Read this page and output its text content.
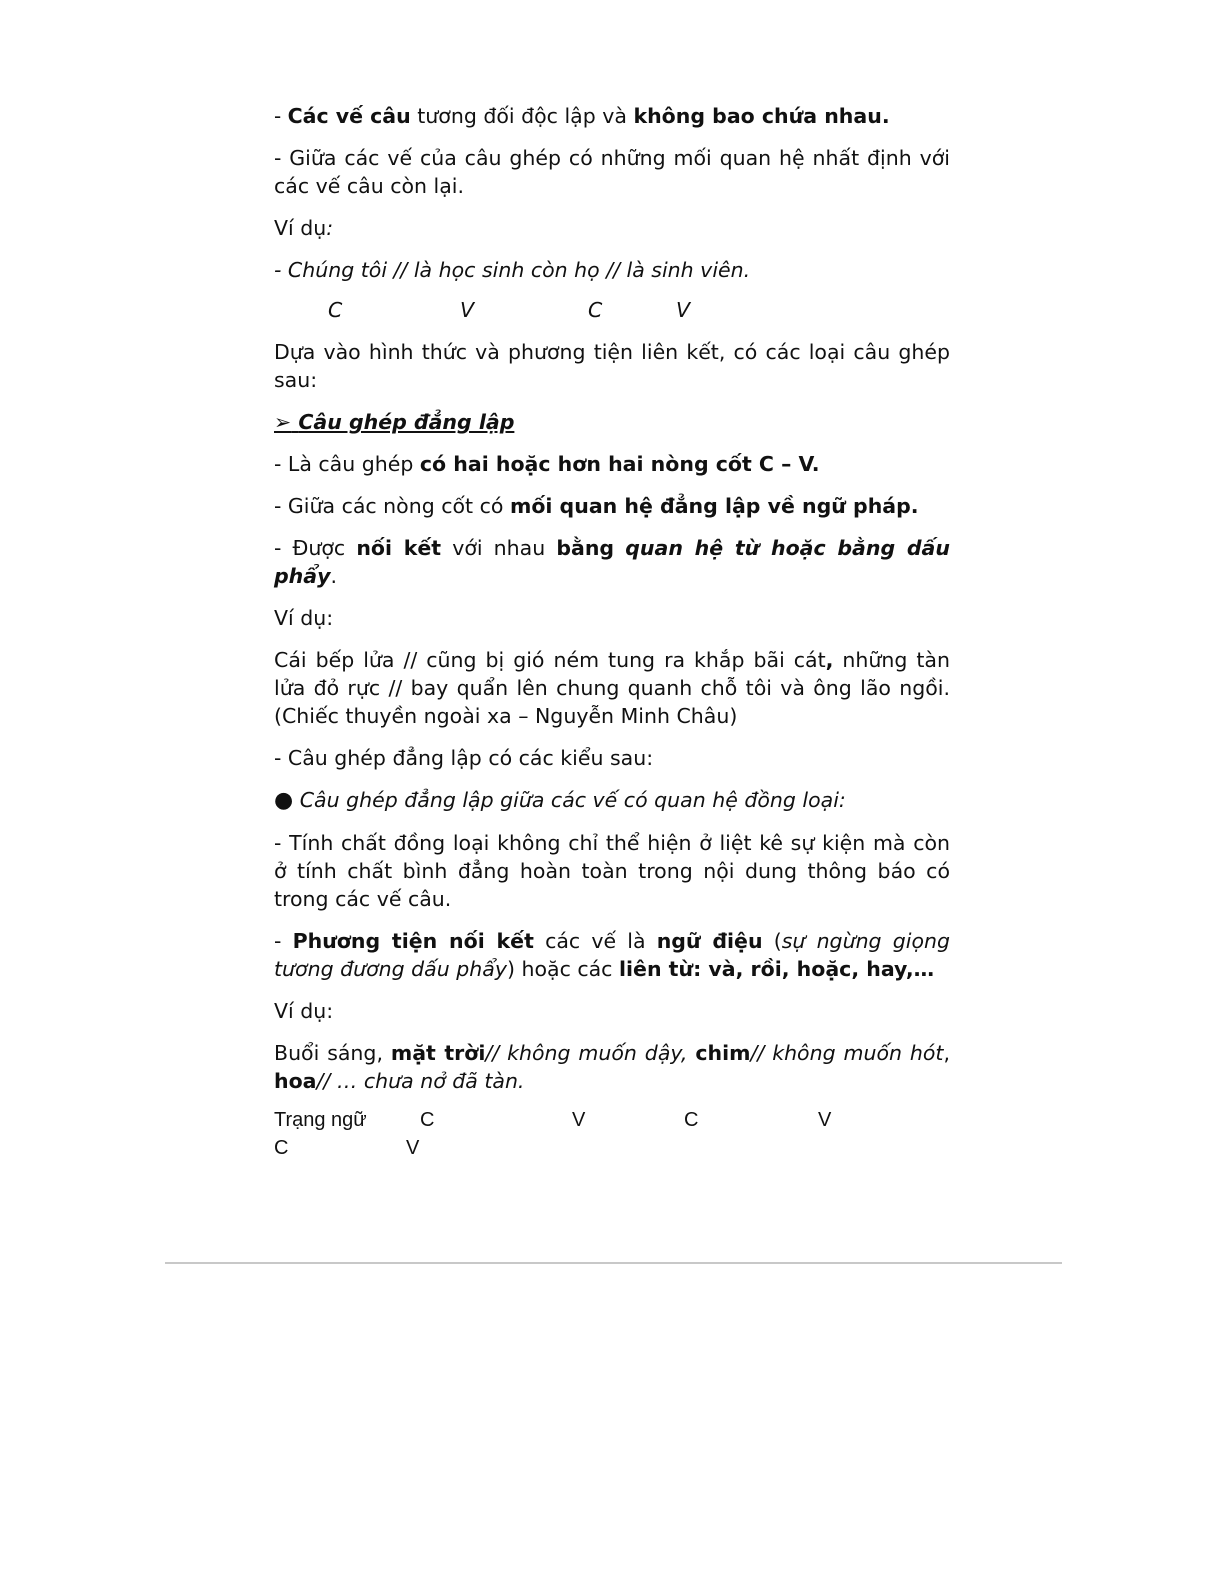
- Các vế câu tương đối độc lập và không bao chứa nhau.

- Giữa các vế của câu ghép có những mối quan hệ nhất định với các vế câu còn lại.

Ví dụ:

- Chúng tôi // là học sinh còn họ // là sinh viên.

C	V	C	V

Dựa vào hình thức và phương tiện liên kết, có các loại câu ghép sau:

➢ Câu ghép đẳng lập

- Là câu ghép có hai hoặc hơn hai nòng cốt C – V.

- Giữa các nòng cốt có mối quan hệ đẳng lập về ngữ pháp.

- Được nối kết với nhau bằng quan hệ từ hoặc bằng dấu phẩy.

Ví dụ:

Cái bếp lửa // cũng bị gió ném tung ra khắp bãi cát, những tàn lửa đỏ rực // bay quẩn lên chung quanh chỗ tôi và ông lão ngồi. (Chiếc thuyền ngoài xa – Nguyễn Minh Châu)

- Câu ghép đẳng lập có các kiểu sau:

● Câu ghép đẳng lập giữa các vế có quan hệ đồng loại:

- Tính chất đồng loại không chỉ thể hiện ở liệt kê sự kiện mà còn ở tính chất bình đẳng hoàn toàn trong nội dung thông báo có trong các vế câu.

- Phương tiện nối kết các vế là ngữ điệu (sự ngừng giọng tương đương dấu phẩy) hoặc các liên từ: và, rồi, hoặc, hay,…

Ví dụ:

Buổi sáng, mặt trời// không muốn dậy, chim// không muốn hót, hoa// … chưa nở đã tàn.

Trạng ngữ	C	V	C	V
C	V
